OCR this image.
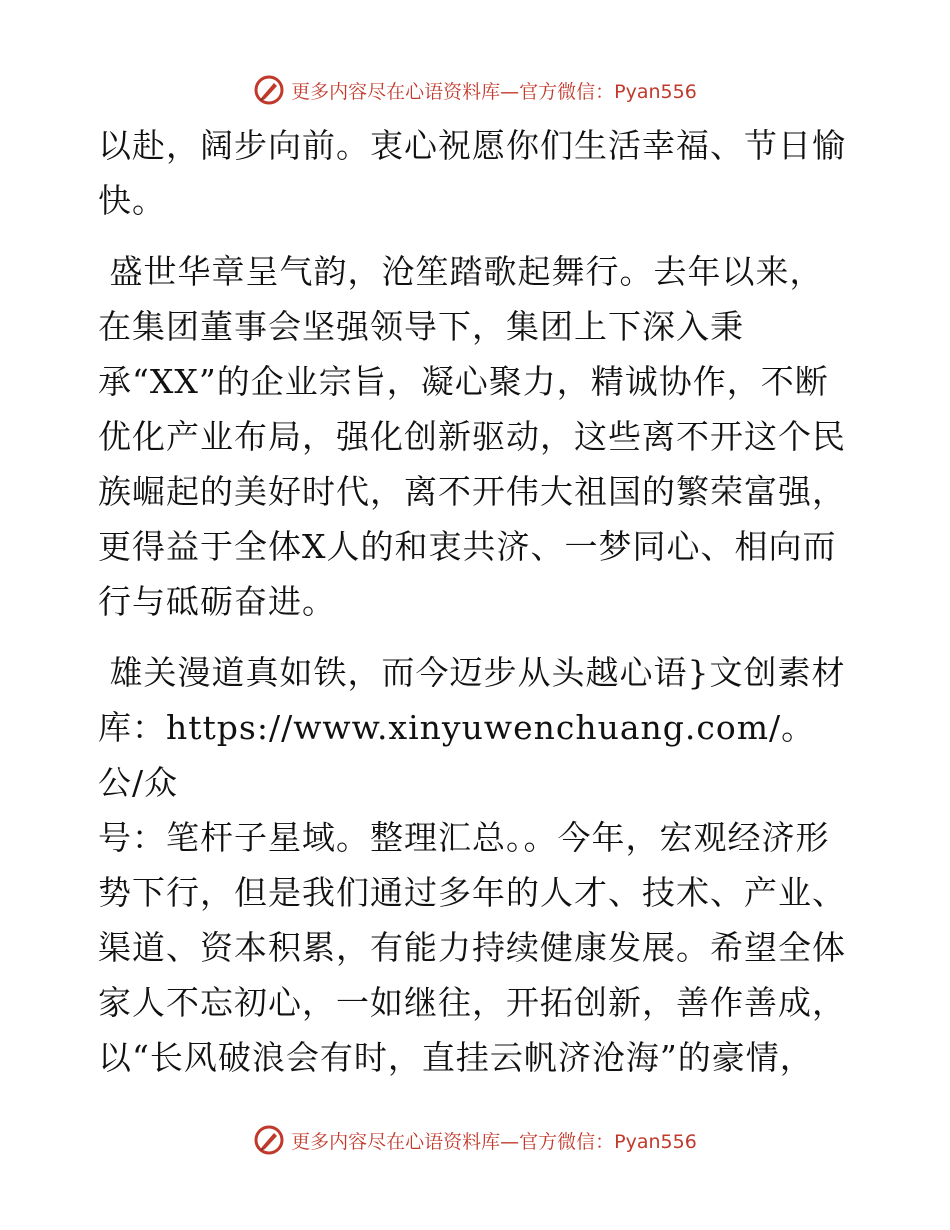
更多内容尽在心语资料库—官方微信：Pyan556

以赴，阔步向前。衷心祝愿你们生活幸福、节日愉
快。

盛世华章呈气韵，沧笙踏歌起舞行。去年以来，
在集团董事会坚强领导下，集团上下深入秉
承“XX”的企业宗旨，凝心聚力，精诚协作，不断
优化产业布局，强化创新驱动，这些离不开这个民
族崛起的美好时代，离不开伟大祖国的繁荣富强，
更得益于全体X人的和衷共济、一梦同心、相向而
行与砥砺奋进。

雄关漫道真如铁，而今迈步从头越心语}文创素材
库：https://www.xinyuwenchuang.com/。公/众
号：笔杆子星域。整理汇总。。今年，宏观经济形
势下行，但是我们通过多年的人才、技术、产业、
渠道、资本积累，有能力持续健康发展。希望全体
家人不忘初心，一如继往，开拓创新，善作善成，
以“长风破浪会有时，直挂云帆济沧海”的豪情，

更多内容尽在心语资料库—官方微信：Pyan556
